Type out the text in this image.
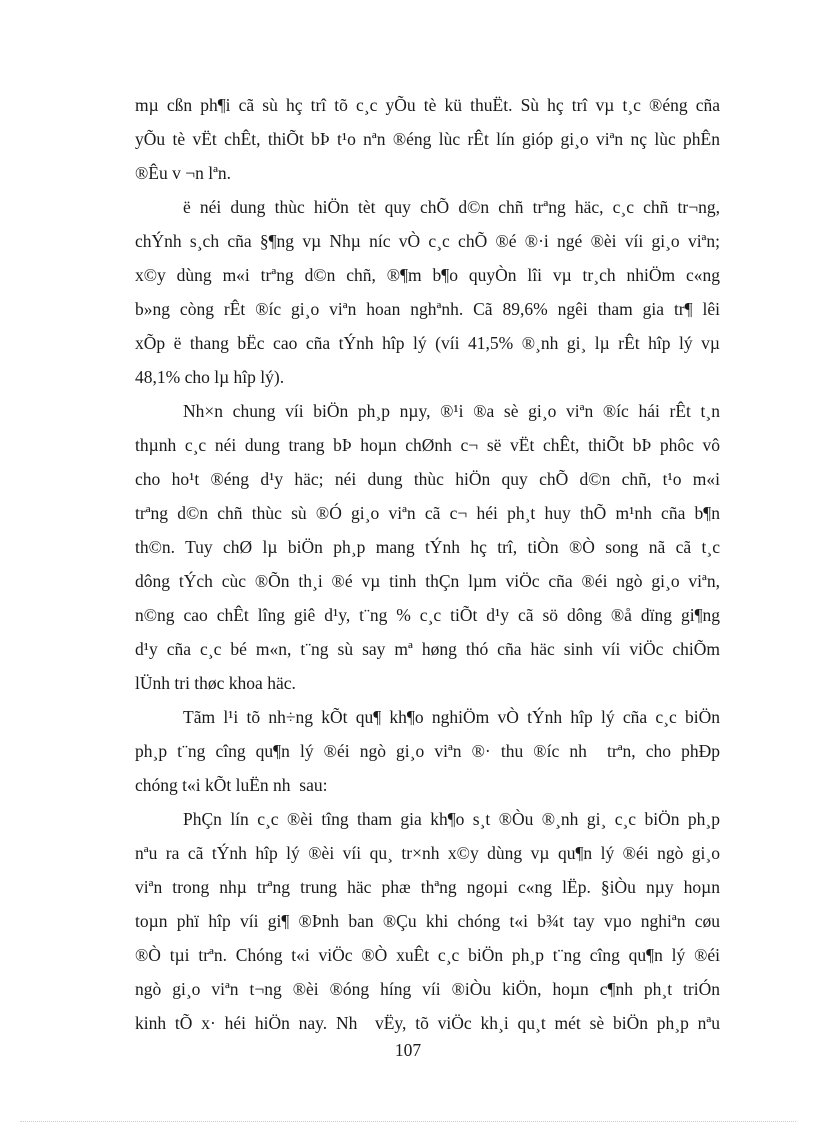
mµ cßn ph¶i cã sù hç trî tõ c¸c yÕu tè kü thuËt. Sù hç trî vµ t¸c ®éng cña
yÕu tè vËt chÊt, thiÕt bÞ t¹o nªn ®éng lùc rÊt lín gióp gi¸o viªn nç lùc phÊn
®Êu v ¬n lªn.
ë néi dung thùc hiÖn tèt quy chÕ d©n chñ trªng häc, c¸c chñ tr¬ng,
chÝnh s¸ch cña §¶ng vµ Nhµ níc vÒ c¸c chÕ ®é ®·i ngé ®èi víi gi¸o viªn;
x©y dùng m«i trªng d©n chñ, ®¶m b¶o quyÒn lîi vµ tr¸ch nhiÖm c«ng
b»ng còng rÊt ®íc gi¸o viªn hoan nghªnh. Cã 89,6% ngêi tham gia tr¶ lêi
xÕp ë thang bËc cao cña tÝnh hîp lý (víi 41,5% ®¸nh gi¸ lµ rÊt hîp lý vµ
48,1% cho lµ hîp lý).
Nh×n chung víi biÖn ph¸p nµy, ®¹i ®a sè gi¸o viªn ®íc hái rÊt t¸n
thµnh c¸c néi dung trang bÞ hoµn chØnh c¬ së vËt chÊt, thiÕt bÞ phôc vô
cho ho¹t ®éng d¹y häc; néi dung thùc hiÖn quy chÕ d©n chñ, t¹o m«i
trªng d©n chñ thùc sù ®Ó gi¸o viªn cã c¬ héi ph¸t huy thÕ m¹nh cña b¶n
th©n. Tuy chØ lµ biÖn ph¸p mang tÝnh hç trî, tiÒn ®Ò song nã cã t¸c
dông tÝch cùc ®Õn th¸i ®é vµ tinh thÇn lµm viÖc cña ®éi ngò gi¸o viªn,
n©ng cao chÊt lîng giê d¹y, t¨ng % c¸c tiÕt d¹y cã sö dông ®å dïng gi¶ng
d¹y cña c¸c bé m«n, t¨ng sù say mª høng thó cña häc sinh víi viÖc chiÕm
lÜnh tri thøc khoa häc.
Tãm l¹i tõ nh÷ng kÕt qu¶ kh¶o nghiÖm vÒ tÝnh hîp lý cña c¸c biÖn
ph¸p t¨ng cîng qu¶n lý ®éi ngò gi¸o viªn ®· thu ®íc nh  trªn, cho phÐp
chóng t«i kÕt luËn nh  sau:
PhÇn lín c¸c ®èi tîng tham gia kh¶o s¸t ®Òu ®¸nh gi¸ c¸c biÖn ph¸p
nªu ra cã tÝnh hîp lý ®èi víi qu¸ tr×nh x©y dùng vµ qu¶n lý ®éi ngò gi¸o
viªn trong nhµ trªng trung häc phæ thªng ngoµi c«ng lËp. §iÒu nµy hoµn
toµn phï hîp víi gi¶ ®Þnh ban ®Çu khi chóng t«i b¾t tay vµo nghiªn cøu
®Ò tµi trªn. Chóng t«i viÖc ®Ò xuÊt c¸c biÖn ph¸p t¨ng cîng qu¶n lý ®éi
ngò gi¸o viªn t¬ng ®èi ®óng híng víi ®iÒu kiÖn, hoµn c¶nh ph¸t triÓn
kinh tÕ x· héi hiÖn nay. Nh  vËy, tõ viÖc kh¸i qu¸t mét sè biÖn ph¸p nªu
107
